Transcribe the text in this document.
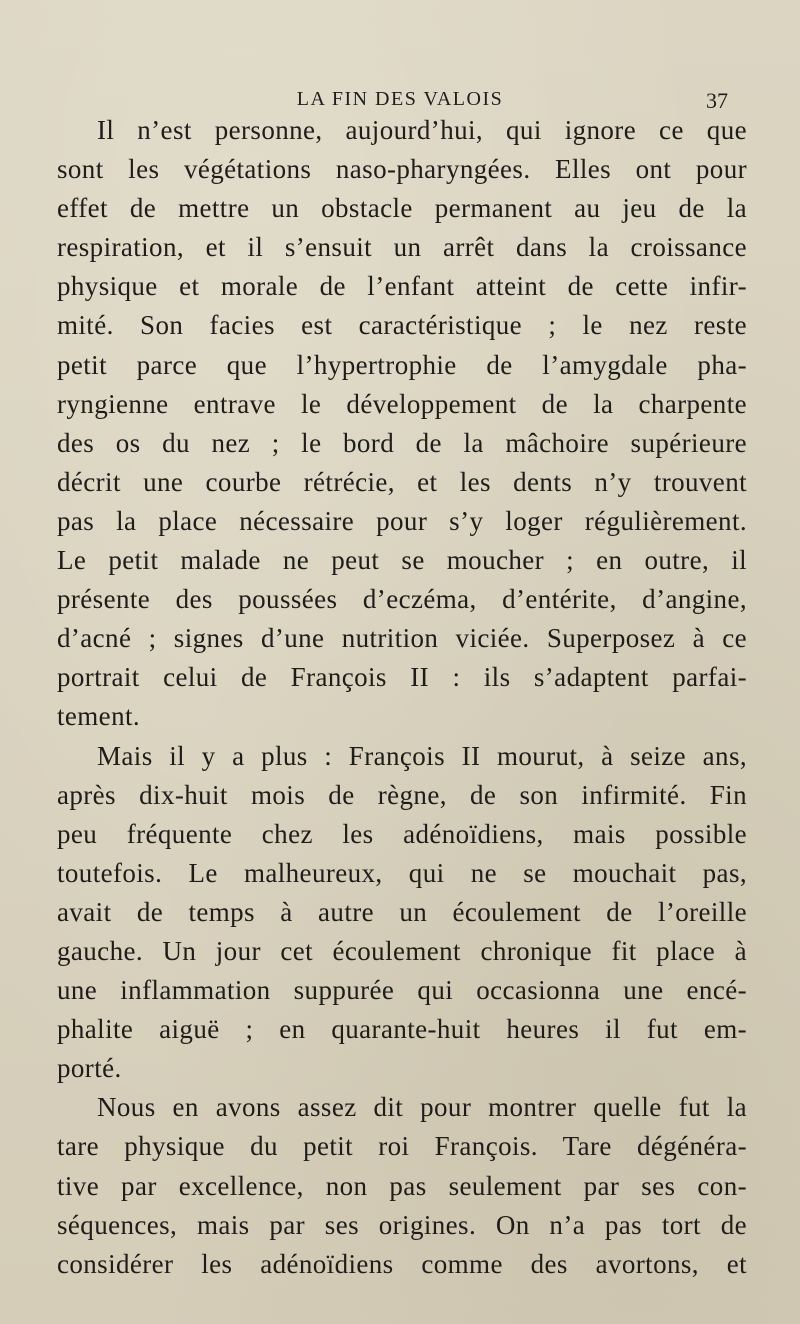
LA FIN DES VALOIS	37
Il n’est personne, aujourd’hui, qui ignore ce que
sont les végétations naso-pharyngées. Elles ont pour
effet de mettre un obstacle permanent au jeu de la
respiration, et il s’ensuit un arrêt dans la croissance
physique et morale de l’enfant atteint de cette infir-
mité. Son facies est caractéristique ; le nez reste
petit parce que l’hypertrophie de l’amygdale pha-
ryngienne entrave le développement de la charpente
des os du nez ; le bord de la mâchoire supérieure
décrit une courbe rétrécie, et les dents n’y trouvent
pas la place nécessaire pour s’y loger régulièrement.
Le petit malade ne peut se moucher ; en outre, il
présente des poussées d’eczéma, d’entérite, d’angine,
d’acné ; signes d’une nutrition viciée. Superposez à ce
portrait celui de François II : ils s’adaptent parfai-
tement.
Mais il y a plus : François II mourut, à seize ans,
après dix-huit mois de règne, de son infirmité. Fin
peu fréquente chez les adénoïdiens, mais possible
toutefois. Le malheureux, qui ne se mouchait pas,
avait de temps à autre un écoulement de l’oreille
gauche. Un jour cet écoulement chronique fit place à
une inflammation suppurée qui occasionna une encé-
phalite aiguë ; en quarante-huit heures il fut em-
porté.
Nous en avons assez dit pour montrer quelle fut la
tare physique du petit roi François. Tare dégénéra-
tive par excellence, non pas seulement par ses con-
séquences, mais par ses origines. On n’a pas tort de
considérer les adénoïdiens comme des avortons, et
